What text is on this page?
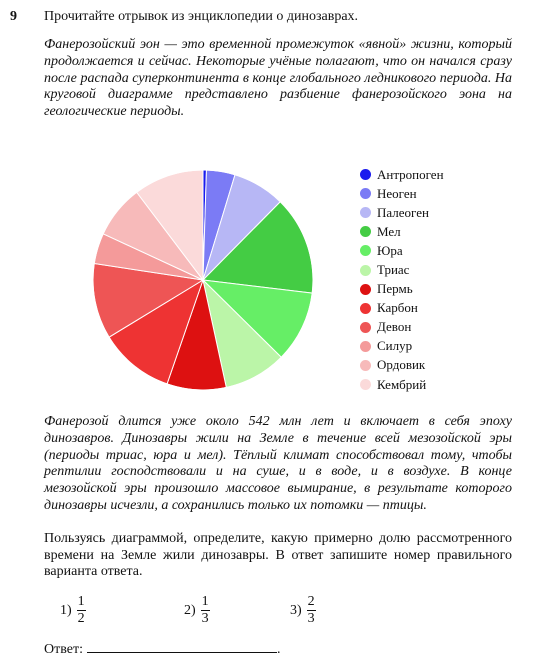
9 Прочитайте отрывок из энциклопедии о динозаврах.

Фанерозойский эон — это временной промежуток «явной» жизни, который продолжается и сейчас. Некоторые учёные полагают, что он начался сразу после распада суперконтинента в конце глобального ледникового периода. На круговой диаграмме представлено разбиение фанерозойского эона на геологические периоды.

Антропоген
Неоген
Палеоген
Мел
Юра
Триас
Пермь
Карбон
Девон
Силур
Ордовик
Кембрий

Фанерозой длится уже около 542 млн лет и включает в себя эпоху динозавров. Динозавры жили на Земле в течение всей мезозойской эры (периоды триас, юра и мел). Тёплый климат способствовал тому, чтобы рептилии господствовали и на суше, и в воде, и в воздухе. В конце мезозойской эры произошло массовое вымирание, в результате которого динозавры исчезли, а сохранились только их потомки — птицы.

Пользуясь диаграммой, определите, какую примерно долю рассмотренного времени на Земле жили динозавры. В ответ запишите номер правильного варианта ответа.

$1) \frac{1}{2}$	$2) \frac{1}{3}$	$3) \frac{2}{3}$
Ответ:	.
